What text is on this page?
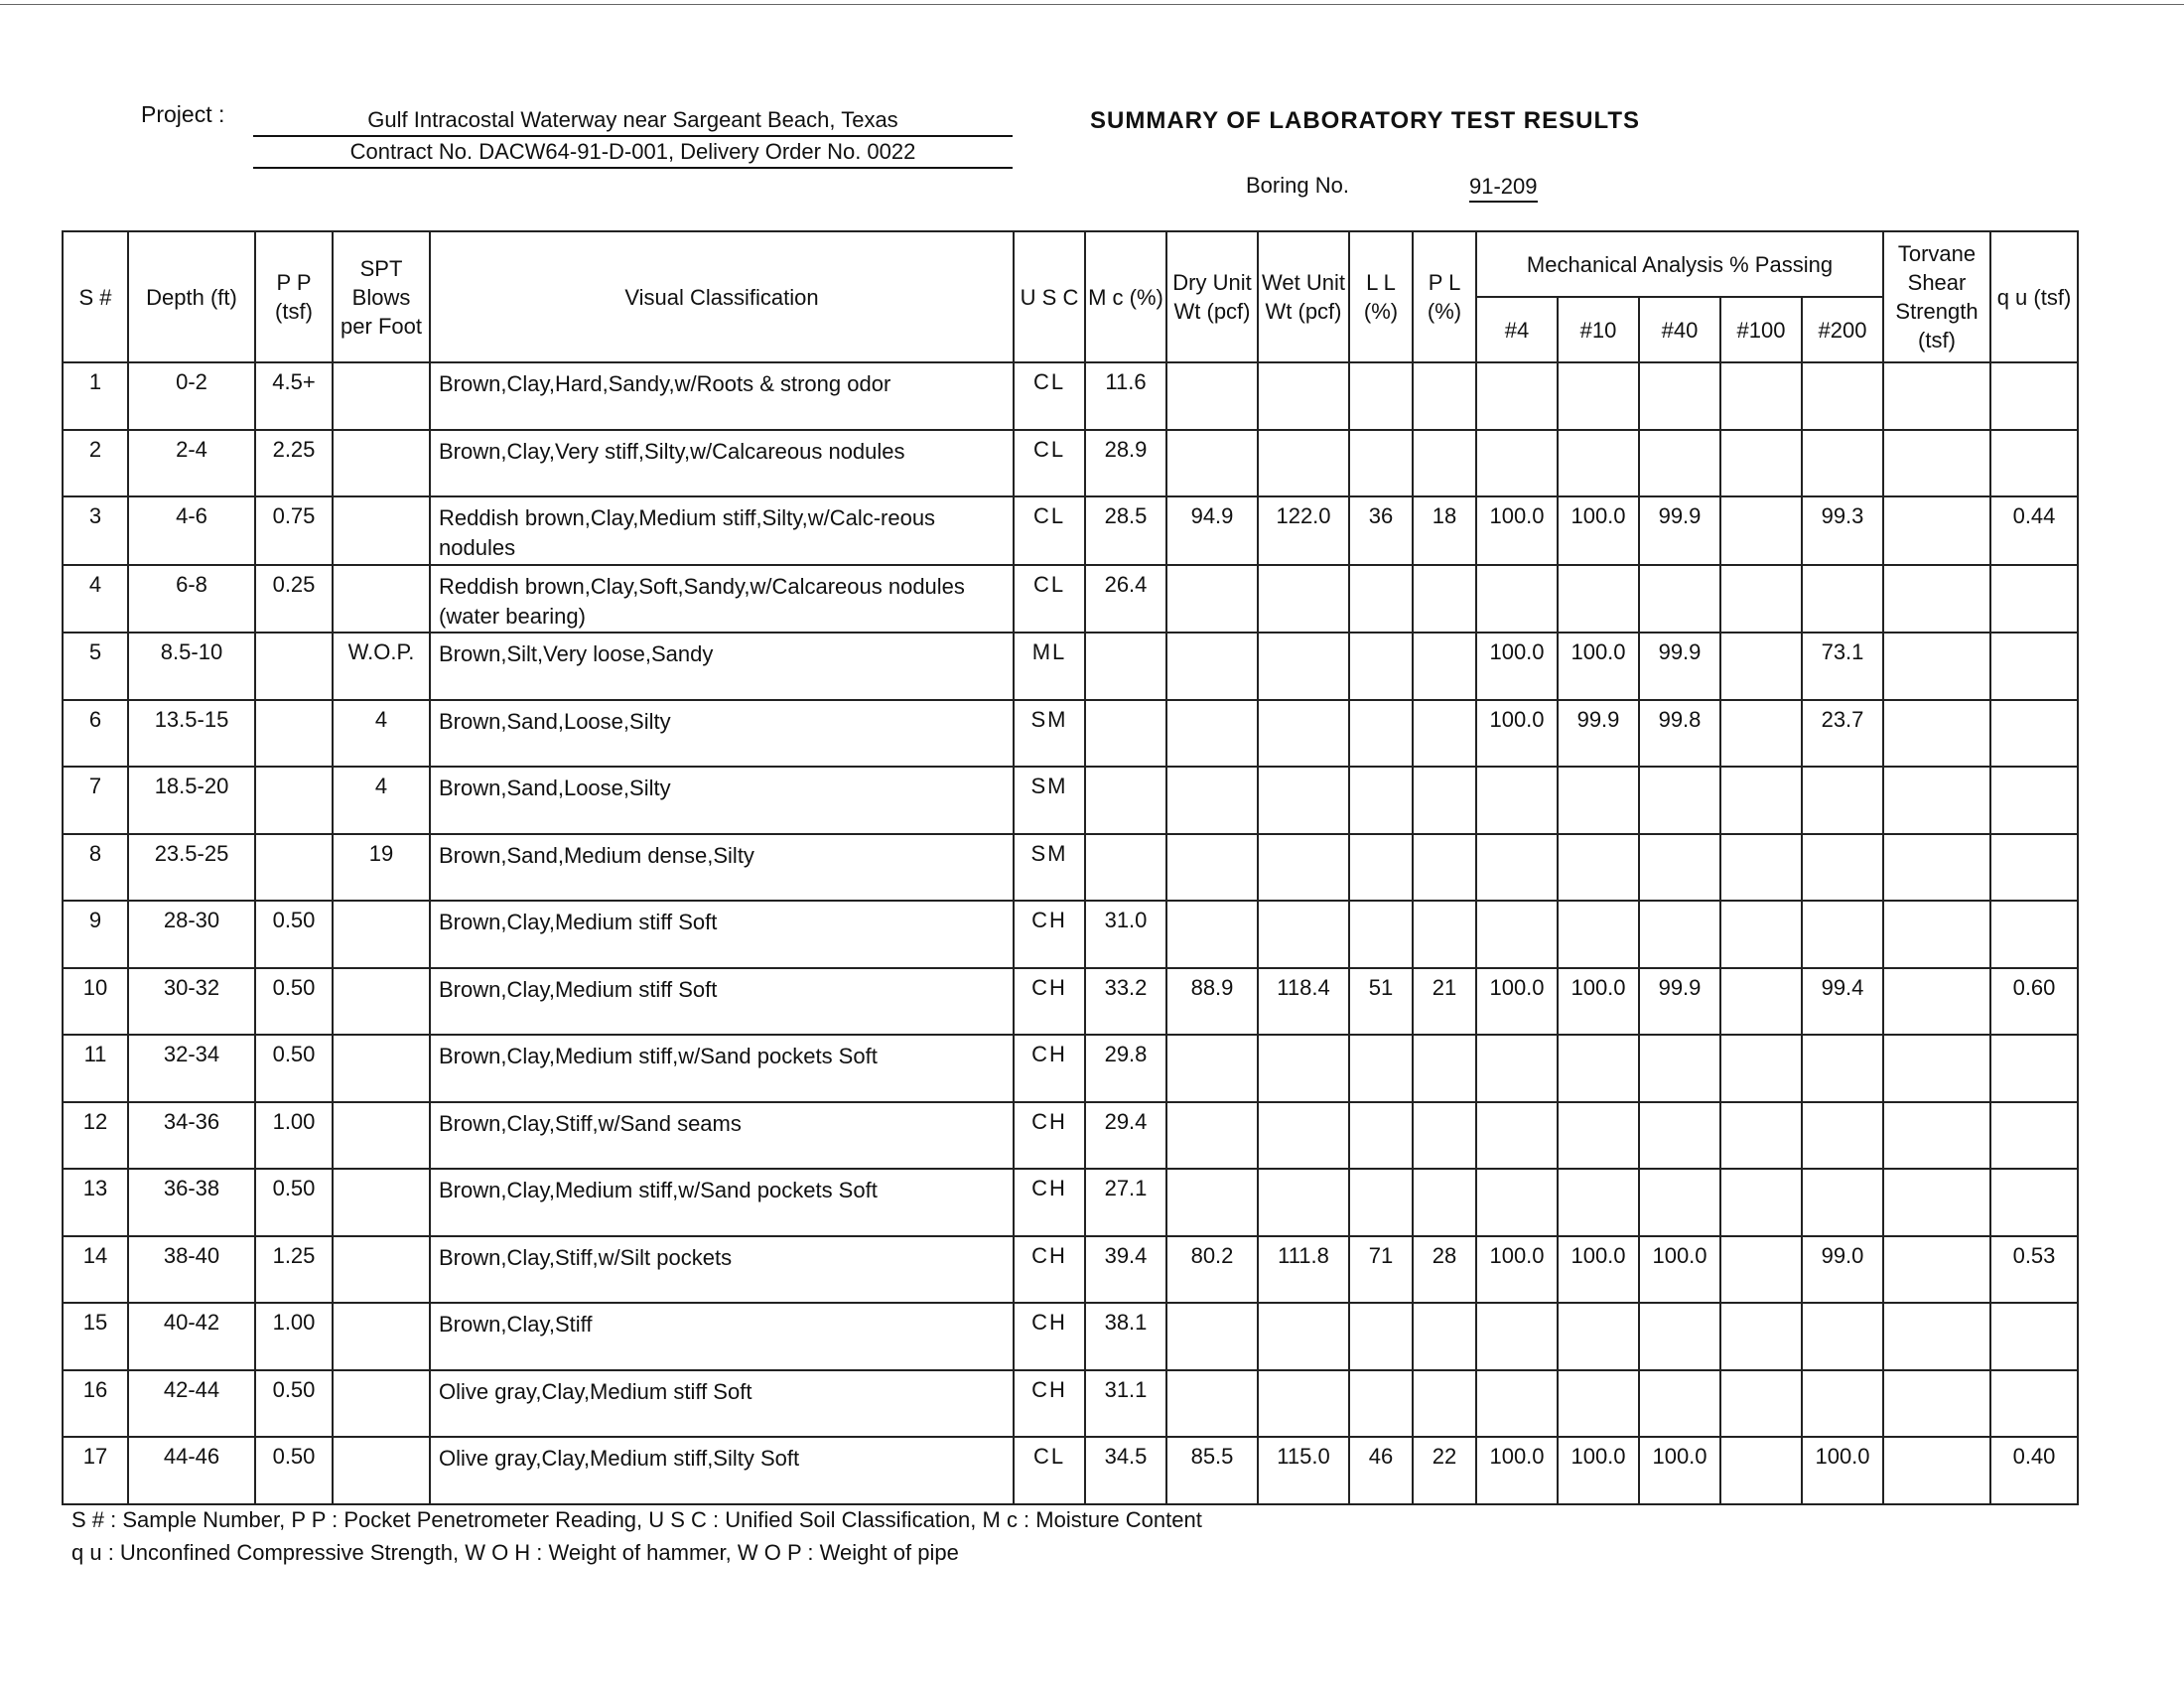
Project :	Gulf Intracostal Waterway near Sargeant Beach, Texas
Contract No. DACW64-91-D-001, Delivery Order No. 0022
SUMMARY OF LABORATORY TEST RESULTS
Boring No.	91-209
S #	Depth (ft)	P P (tsf)	SPT Blows per Foot	Visual Classification	U S C	M c (%)	Dry Unit Wt (pcf)	Wet Unit Wt (pcf)	L L (%)	P L (%)	Mechanical Analysis % Passing					Torvane Shear Strength (tsf)	q u (tsf)
											#4	#10	#40	#100	#200		
1	0-2	4.5+		Brown,Clay,Hard,Sandy,w/Roots & strong odor	CL	11.6											
2	2-4	2.25		Brown,Clay,Very stiff,Silty,w/Calcareous nodules	CL	28.9											
3	4-6	0.75		Reddish brown,Clay,Medium stiff,Silty,w/Calc-reous nodules	CL	28.5	94.9	122.0	36	18	100.0	100.0	99.9		99.3		0.44
4	6-8	0.25		Reddish brown,Clay,Soft,Sandy,w/Calcareous nodules (water bearing)	CL	26.4											
5	8.5-10		W.O.P.	Brown,Silt,Very loose,Sandy	ML						100.0	100.0	99.9		73.1		
6	13.5-15		4	Brown,Sand,Loose,Silty	SM						100.0	99.9	99.8		23.7		
7	18.5-20		4	Brown,Sand,Loose,Silty	SM												
8	23.5-25		19	Brown,Sand,Medium dense,Silty	SM												
9	28-30	0.50		Brown,Clay,Medium stiff Soft	CH	31.0											
10	30-32	0.50		Brown,Clay,Medium stiff Soft	CH	33.2	88.9	118.4	51	21	100.0	100.0	99.9		99.4		0.60
11	32-34	0.50		Brown,Clay,Medium stiff,w/Sand pockets Soft	CH	29.8											
12	34-36	1.00		Brown,Clay,Stiff,w/Sand seams	CH	29.4											
13	36-38	0.50		Brown,Clay,Medium stiff,w/Sand pockets Soft	CH	27.1											
14	38-40	1.25		Brown,Clay,Stiff,w/Silt pockets	CH	39.4	80.2	111.8	71	28	100.0	100.0	100.0		99.0		0.53
15	40-42	1.00		Brown,Clay,Stiff	CH	38.1											
16	42-44	0.50		Olive gray,Clay,Medium stiff Soft	CH	31.1											
17	44-46	0.50		Olive gray,Clay,Medium stiff,Silty Soft	CL	34.5	85.5	115.0	46	22	100.0	100.0	100.0		100.0		0.40
S # : Sample Number, P P : Pocket Penetrometer Reading, U S C : Unified Soil Classification, M c : Moisture Content
q u : Unconfined Compressive Strength, W O H : Weight of hammer, W O P : Weight of pipe
